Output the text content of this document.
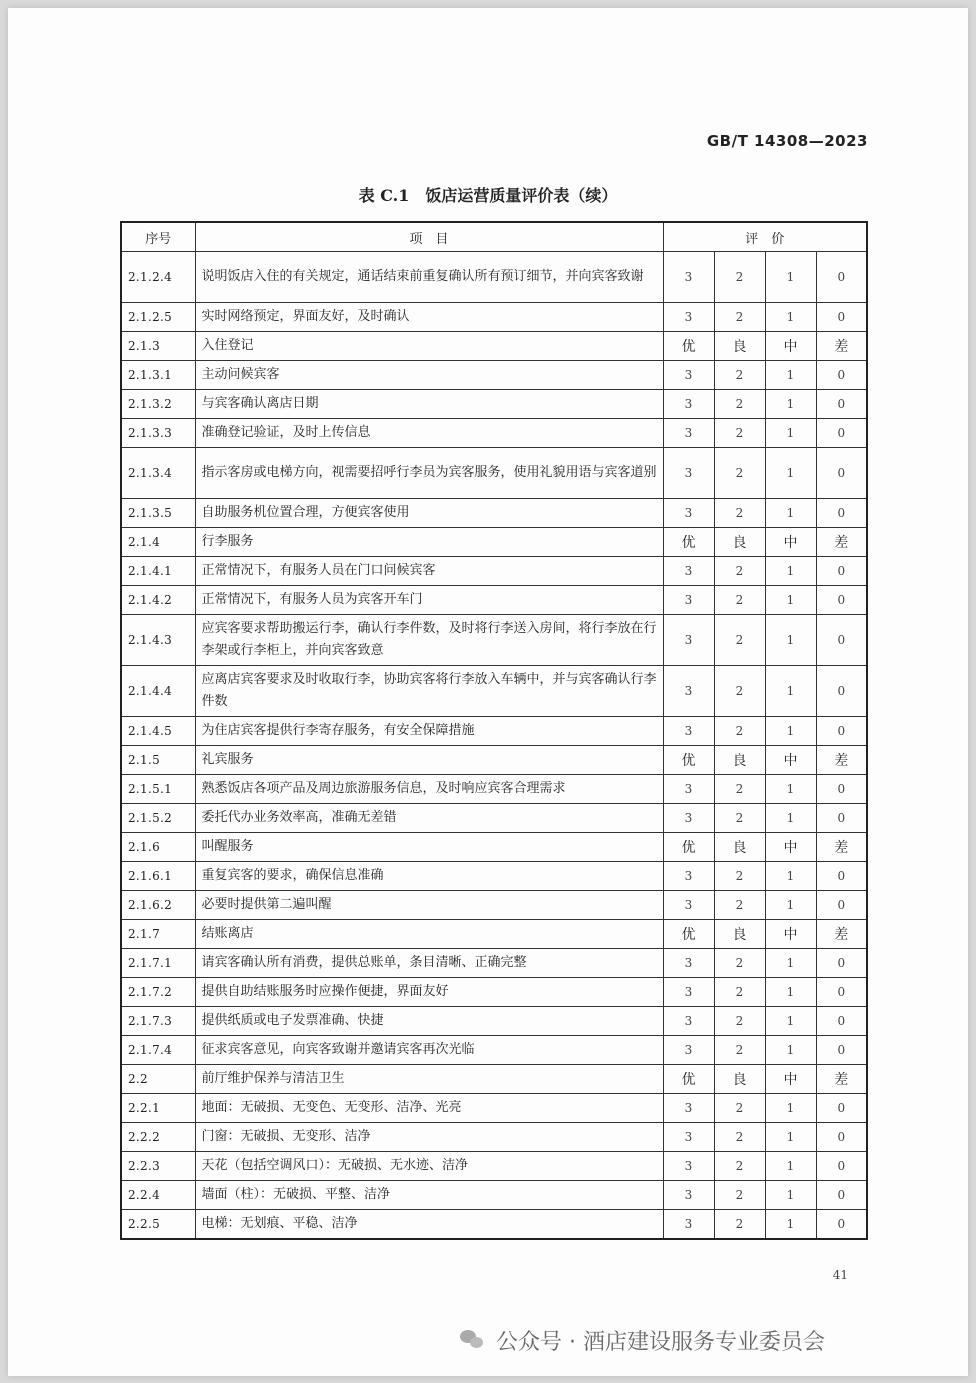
GB/T 14308—2023
表 C.1　饭店运营质量评价表（续）
序号	项　目	评　价			
2.1.2.4	说明饭店入住的有关规定，通话结束前重复确认所有预订细节，并向宾客致谢	3	2	1	0
2.1.2.5	实时网络预定，界面友好，及时确认	3	2	1	0
2.1.3	入住登记	优	良	中	差
2.1.3.1	主动问候宾客	3	2	1	0
2.1.3.2	与宾客确认离店日期	3	2	1	0
2.1.3.3	准确登记验证，及时上传信息	3	2	1	0
2.1.3.4	指示客房或电梯方向，视需要招呼行李员为宾客服务，使用礼貌用语与宾客道别	3	2	1	0
2.1.3.5	自助服务机位置合理，方便宾客使用	3	2	1	0
2.1.4	行李服务	优	良	中	差
2.1.4.1	正常情况下，有服务人员在门口问候宾客	3	2	1	0
2.1.4.2	正常情况下，有服务人员为宾客开车门	3	2	1	0
2.1.4.3	应宾客要求帮助搬运行李，确认行李件数，及时将行李送入房间，将行李放在行李架或行李柜上，并向宾客致意	3	2	1	0
2.1.4.4	应离店宾客要求及时收取行李，协助宾客将行李放入车辆中，并与宾客确认行李件数	3	2	1	0
2.1.4.5	为住店宾客提供行李寄存服务，有安全保障措施	3	2	1	0
2.1.5	礼宾服务	优	良	中	差
2.1.5.1	熟悉饭店各项产品及周边旅游服务信息，及时响应宾客合理需求	3	2	1	0
2.1.5.2	委托代办业务效率高，准确无差错	3	2	1	0
2.1.6	叫醒服务	优	良	中	差
2.1.6.1	重复宾客的要求，确保信息准确	3	2	1	0
2.1.6.2	必要时提供第二遍叫醒	3	2	1	0
2.1.7	结账离店	优	良	中	差
2.1.7.1	请宾客确认所有消费，提供总账单，条目清晰、正确完整	3	2	1	0
2.1.7.2	提供自助结账服务时应操作便捷，界面友好	3	2	1	0
2.1.7.3	提供纸质或电子发票准确、快捷	3	2	1	0
2.1.7.4	征求宾客意见，向宾客致谢并邀请宾客再次光临	3	2	1	0
2.2	前厅维护保养与清洁卫生	优	良	中	差
2.2.1	地面：无破损、无变色、无变形、洁净、光亮	3	2	1	0
2.2.2	门窗：无破损、无变形、洁净	3	2	1	0
2.2.3	天花（包括空调风口）：无破损、无水迹、洁净	3	2	1	0
2.2.4	墙面（柱）：无破损、平整、洁净	3	2	1	0
2.2.5	电梯：无划痕、平稳、洁净	3	2	1	0
41
公众号 · 酒店建设服务专业委员会
